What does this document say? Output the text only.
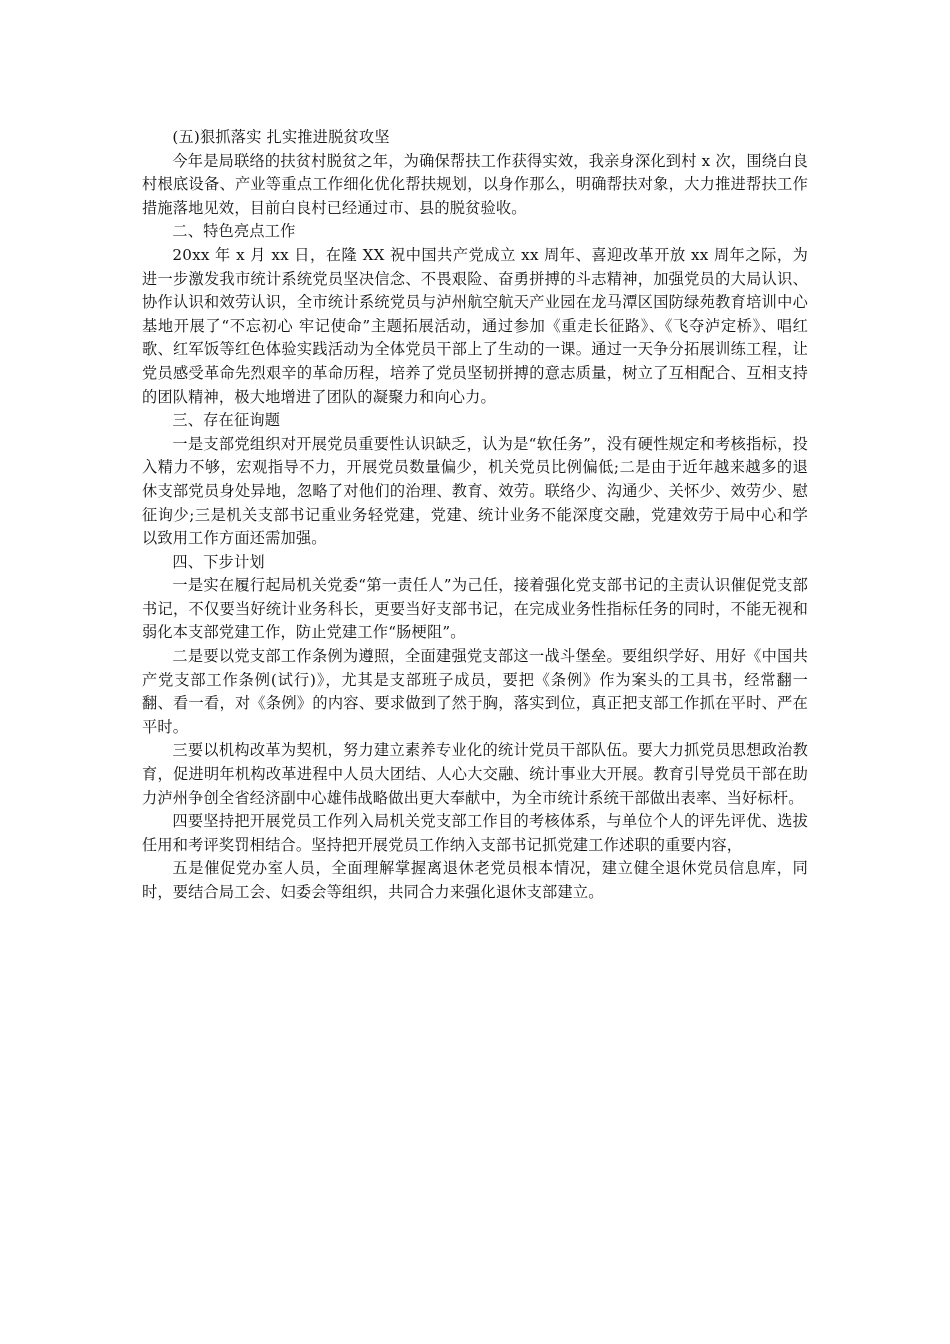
(五)狠抓落实 扎实推进脱贫攻坚

今年是局联络的扶贫村脱贫之年，为确保帮扶工作获得实效，我亲身深化到村 x 次，围绕白良村根底设备、产业等重点工作细化优化帮扶规划，以身作那么，明确帮扶对象，大力推进帮扶工作措施落地见效，目前白良村已经通过市、县的脱贫验收。

二、特色亮点工作

20xx 年 x 月 xx 日，在隆 XX 祝中国共产党成立 xx 周年、喜迎改革开放 xx 周年之际，为进一步激发我市统计系统党员坚决信念、不畏艰险、奋勇拼搏的斗志精神，加强党员的大局认识、协作认识和效劳认识，全市统计系统党员与泸州航空航天产业园在龙马潭区国防绿苑教育培训中心基地开展了“不忘初心 牢记使命”主题拓展活动，通过参加《重走长征路》、《飞夺泸定桥》、唱红歌、红军饭等红色体验实践活动为全体党员干部上了生动的一课。通过一天争分拓展训练工程，让党员感受革命先烈艰辛的革命历程，培养了党员坚韧拼搏的意志质量，树立了互相配合、互相支持的团队精神，极大地增进了团队的凝聚力和向心力。

三、存在征询题

一是支部党组织对开展党员重要性认识缺乏，认为是“软任务”，没有硬性规定和考核指标，投入精力不够，宏观指导不力，开展党员数量偏少，机关党员比例偏低;二是由于近年越来越多的退休支部党员身处异地，忽略了对他们的治理、教育、效劳。联络少、沟通少、关怀少、效劳少、慰征询少;三是机关支部书记重业务轻党建，党建、统计业务不能深度交融，党建效劳于局中心和学以致用工作方面还需加强。

四、下步计划

一是实在履行起局机关党委“第一责任人”为己任，接着强化党支部书记的主责认识催促党支部书记，不仅要当好统计业务科长，更要当好支部书记，在完成业务性指标任务的同时，不能无视和弱化本支部党建工作，防止党建工作“肠梗阻”。

二是要以党支部工作条例为遵照，全面建强党支部这一战斗堡垒。要组织学好、用好《中国共产党支部工作条例(试行)》，尤其是支部班子成员，要把《条例》作为案头的工具书，经常翻一翻、看一看，对《条例》的内容、要求做到了然于胸，落实到位，真正把支部工作抓在平时、严在平时。

三要以机构改革为契机，努力建立素养专业化的统计党员干部队伍。要大力抓党员思想政治教育，促进明年机构改革进程中人员大团结、人心大交融、统计事业大开展。教育引导党员干部在助力泸州争创全省经济副中心雄伟战略做出更大奉献中，为全市统计系统干部做出表率、当好标杆。

四要坚持把开展党员工作列入局机关党支部工作目的考核体系，与单位个人的评先评优、选拔任用和考评奖罚相结合。坚持把开展党员工作纳入支部书记抓党建工作述职的重要内容，

五是催促党办室人员，全面理解掌握离退休老党员根本情况，建立健全退休党员信息库，同时，要结合局工会、妇委会等组织，共同合力来强化退休支部建立。
